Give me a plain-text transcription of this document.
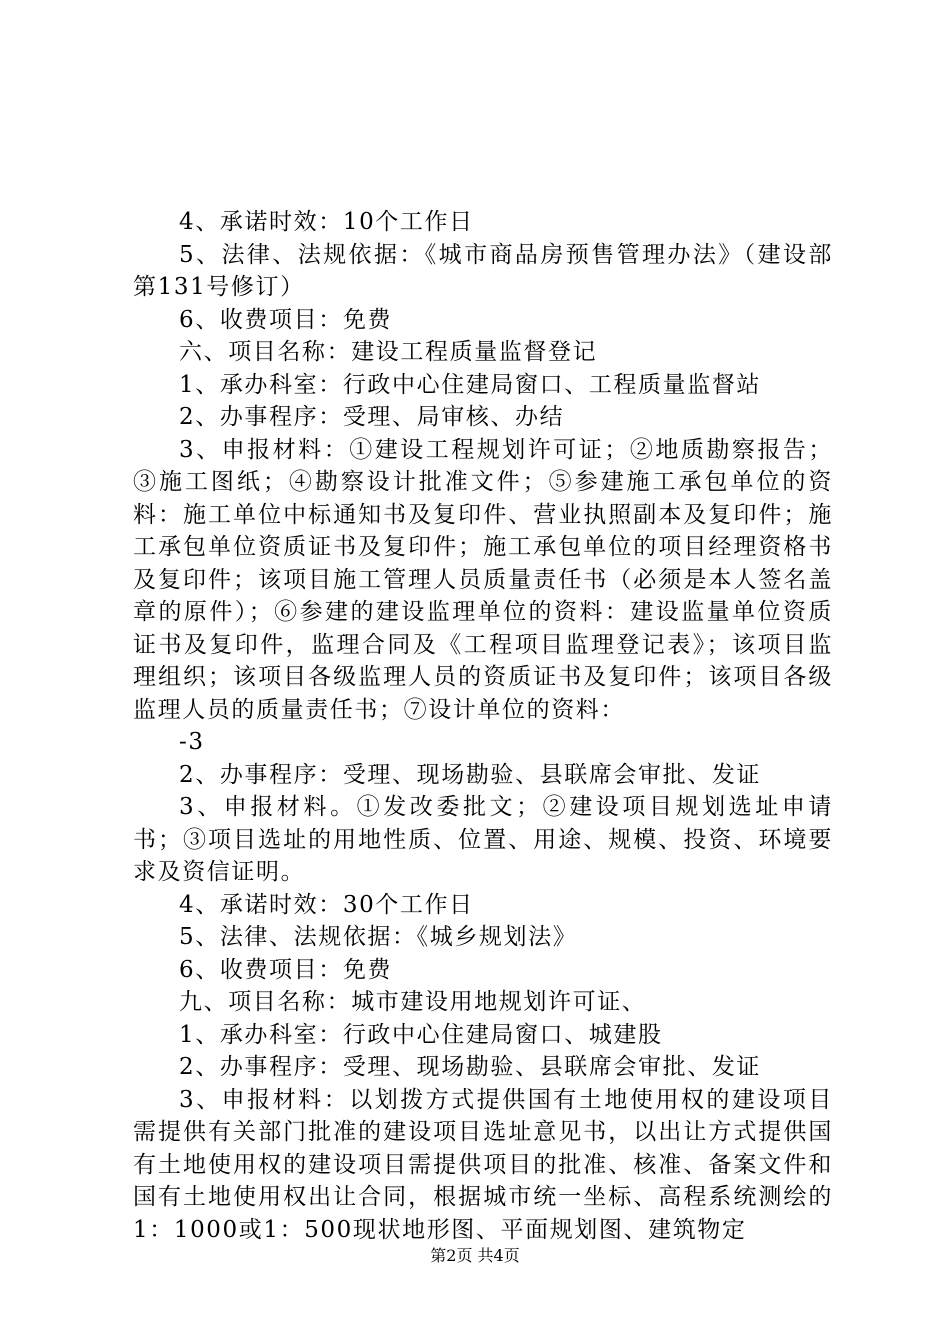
4、承诺时效：10个工作日

5、法律、法规依据：《城市商品房预售管理办法》（建设部第131号修订）

6、收费项目：免费

六、项目名称：建设工程质量监督登记

1、承办科室：行政中心住建局窗口、工程质量监督站

2、办事程序：受理、局审核、办结

3、申报材料：①建设工程规划许可证；②地质勘察报告；③施工图纸；④勘察设计批准文件；⑤参建施工承包单位的资料：施工单位中标通知书及复印件、营业执照副本及复印件；施工承包单位资质证书及复印件；施工承包单位的项目经理资格书及复印件；该项目施工管理人员质量责任书（必须是本人签名盖章的原件）；⑥参建的建设监理单位的资料：建设监量单位资质证书及复印件，监理合同及《工程项目监理登记表》；该项目监理组织；该项目各级监理人员的资质证书及复印件；该项目各级监理人员的质量责任书；⑦设计单位的资料：

-3

2、办事程序：受理、现场勘验、县联席会审批、发证

3、申报材料。①发改委批文；②建设项目规划选址申请书；③项目选址的用地性质、位置、用途、规模、投资、环境要求及资信证明。

4、承诺时效：30个工作日

5、法律、法规依据：《城乡规划法》

6、收费项目：免费

九、项目名称：城市建设用地规划许可证、

1、承办科室：行政中心住建局窗口、城建股

2、办事程序：受理、现场勘验、县联席会审批、发证

3、申报材料：以划拨方式提供国有土地使用权的建设项目需提供有关部门批准的建设项目选址意见书，以出让方式提供国有土地使用权的建设项目需提供项目的批准、核准、备案文件和国有土地使用权出让合同，根据城市统一坐标、高程系统测绘的1：1000或1：500现状地形图、平面规划图、建筑物定

第2页 共4页
